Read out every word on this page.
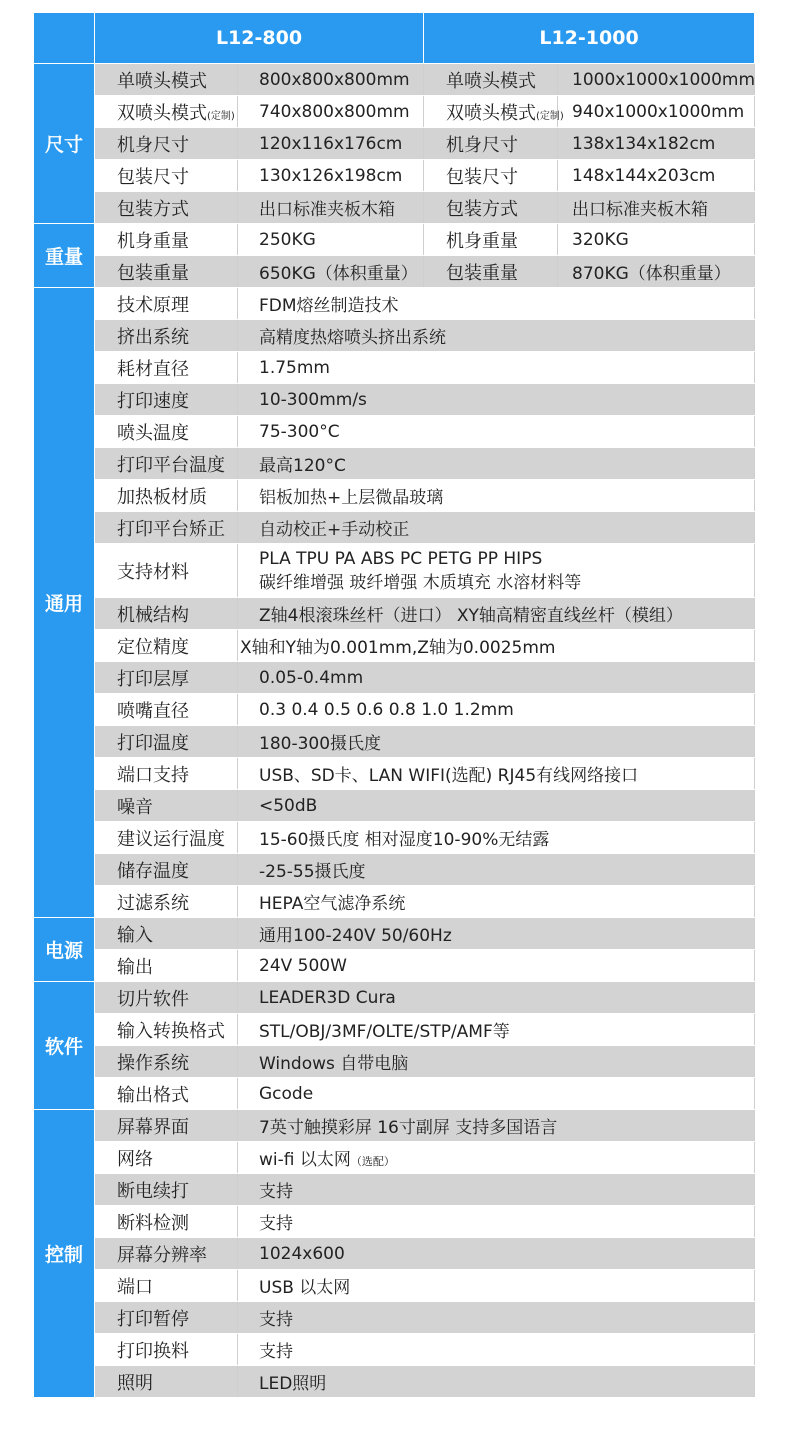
	L12-800		L12-1000	
尺寸	单喷头模式	800x800x800mm	单喷头模式	1000x1000x1000mm
	双喷头模式(定制)	740x800x800mm	双喷头模式(定制)	940x1000x1000mm
	机身尺寸	120x116x176cm	机身尺寸	138x134x182cm
	包装尺寸	130x126x198cm	包装尺寸	148x144x203cm
	包装方式	出口标准夹板木箱	包装方式	出口标准夹板木箱
重量	机身重量	250KG	机身重量	320KG
	包装重量	650KG（体积重量）	包装重量	870KG（体积重量）
通用	技术原理	FDM熔丝制造技术		
	挤出系统	高精度热熔喷头挤出系统		
	耗材直径	1.75mm		
	打印速度	10-300mm/s		
	喷头温度	75-300°C		
	打印平台温度	最高120°C		
	加热板材质	铝板加热+上层微晶玻璃		
	打印平台矫正	自动校正+手动校正		
	支持材料	PLA TPU PA ABS PC PETG PP HIPS
碳纤维增强 玻纤增强 木质填充 水溶材料等		

	机械结构	Z轴4根滚珠丝杆（进口） XY轴高精密直线丝杆（模组）		
	定位精度	X轴和Y轴为0.001mm,Z轴为0.0025mm		
	打印层厚	0.05-0.4mm		
	喷嘴直径	0.3 0.4 0.5 0.6 0.8 1.0 1.2mm		
	打印温度	180-300摄氏度		
	端口支持	USB、SD卡、LAN WIFI(选配) RJ45有线网络接口		
	噪音	<50dB		
	建议运行温度	15-60摄氏度 相对湿度10-90%无结露		
	储存温度	-25-55摄氏度		
	过滤系统	HEPA空气滤净系统		
电源	输入	通用100-240V 50/60Hz		
	输出	24V 500W		
软件	切片软件	LEADER3D Cura		
	输入转换格式	STL/OBJ/3MF/OLTE/STP/AMF等		
	操作系统	Windows 自带电脑		
	输出格式	Gcode		
控制	屏幕界面	7英寸触摸彩屏 16寸副屏 支持多国语言		
	网络	wi-fi 以太网（选配）		
	断电续打	支持		
	断料检测	支持		
	屏幕分辨率	1024x600		
	端口	USB 以太网		
	打印暂停	支持		
	打印换料	支持		
	照明	LED照明		
